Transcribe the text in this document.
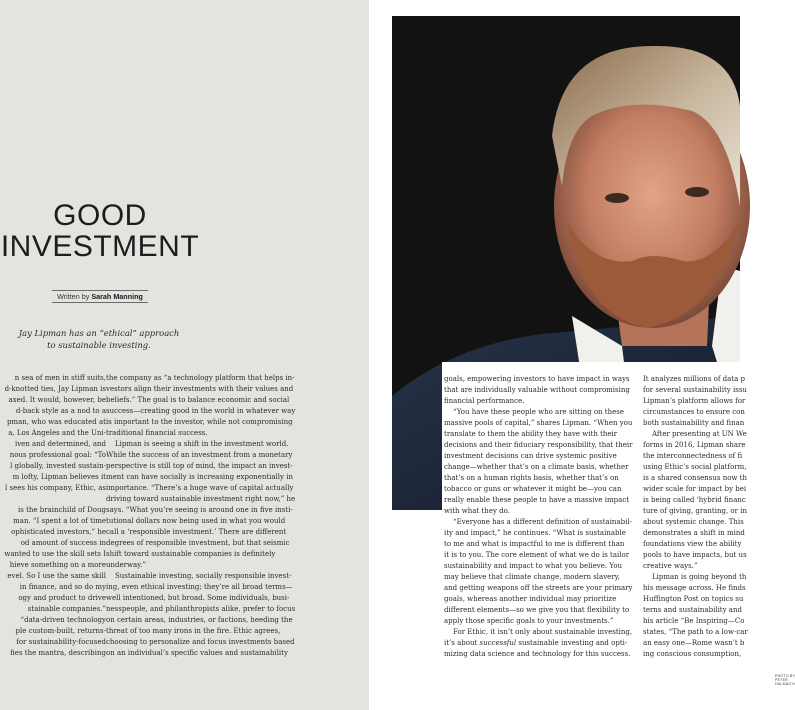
GOOD
INVESTMENT
Written by Sarah Manning
Jay Lipman has an “ethical” approach
to sustainable investing.

n sea of men in stiff suits,

d-knotted ties, Jay Lipman is

axed. It would, however, be

d-back style as a nod to a

pman, who was educated at

a, Los Angeles and the Uni-

iven and determined, and

nous professional goal: “To

l globally, invested sustain-

m lofty, Lipman believes it

l sees his company, Ethic, as

is the brainchild of Doug

man. “I spent a lot of time

ophisticated investors,” he

od amount of success in

wanted to use the skill sets I

hieve something on a more

evel. So I use the same skill

in finance, and so do my

ogy and product to drive

stainable companies.”

“data-driven technology

ple custom-built, returns-

for sustainability-focused

fies the mantra, describing

the company as “a technology platform that helps in-

vestors align their investments with their values and

beliefs.” The goal is to balance economic and social

success—creating good in the world in whatever way

is important to the investor, while not compromising

traditional financial success.

Lipman is seeing a shift in the investment world.

While the success of an investment from a monetary

perspective is still top of mind, the impact an invest-

ment can have socially is increasing exponentially in

importance. “There’s a huge wave of capital actually

driving toward sustainable investment right now,” he

says. “What you’re seeing is around one in five insti-

tutional dollars now being used in what you would

call a ‘responsible investment.’ There are different

degrees of responsible investment, but that seismic

shift toward sustainable companies is definitely

underway.”

Sustainable investing, socially responsible invest-

ing, even ethical investing; they’re all broad terms—

well intentioned, but broad. Some individuals, busi-

nesspeople, and philanthropists alike, prefer to focus

on certain areas, industries, or factions, heeding the

threat of too many irons in the fire. Ethic agrees,

choosing to personalize and focus investments based

on an individual’s specific values and sustainability

PHOTO BY PETER HALMAGYI

goals, empowering investors to have impact in ways

that are individually valuable without compromising

financial performance.

“You have these people who are sitting on these

massive pools of capital,” shares Lipman. “When you

translate to them the ability they have with their

decisions and their fiduciary responsibility, that their

investment decisions can drive systemic positive

change—whether that’s on a climate basis, whether

that’s on a human rights basis, whether that’s on

tobacco or guns or whatever it might be—you can

really enable these people to have a massive impact

with what they do.

“Everyone has a different definition of sustainabil-

ity and impact,” he continues. “What is sustainable

to me and what is impactful to me is different than

it is to you. The core element of what we do is tailor

sustainability and impact to what you believe. You

may believe that climate change, modern slavery,

and getting weapons off the streets are your primary

goals, whereas another individual may prioritize

different elements—so we give you that flexibility to

apply those specific goals to your investments.”

For Ethic, it isn’t only about sustainable investing,

it’s about successful sustainable investing and opti-

mizing data science and technology for this success.

It analyzes millions of data p

for several sustainability issu

Lipman’s platform allows for

circumstances to ensure con

both sustainability and finan

After presenting at UN We

forms in 2016, Lipman share

the interconnectedness of fi

using Ethic’s social platform,

is a shared consensus now th

wider scale for impact by bei

is being called ‘hybrid financ

ture of giving, granting, or in

about systemic change. This

demonstrates a shift in mind

foundations view the ability

pools to have impacts, but us

creative ways.”

Lipman is going beyond th

his message across. He finds

Huffington Post on topics su

terns and sustainability and

his article “Be Inspiring—Co

states, “The path to a low-car

an easy one—Rome wasn’t b

ing conscious consumption,
